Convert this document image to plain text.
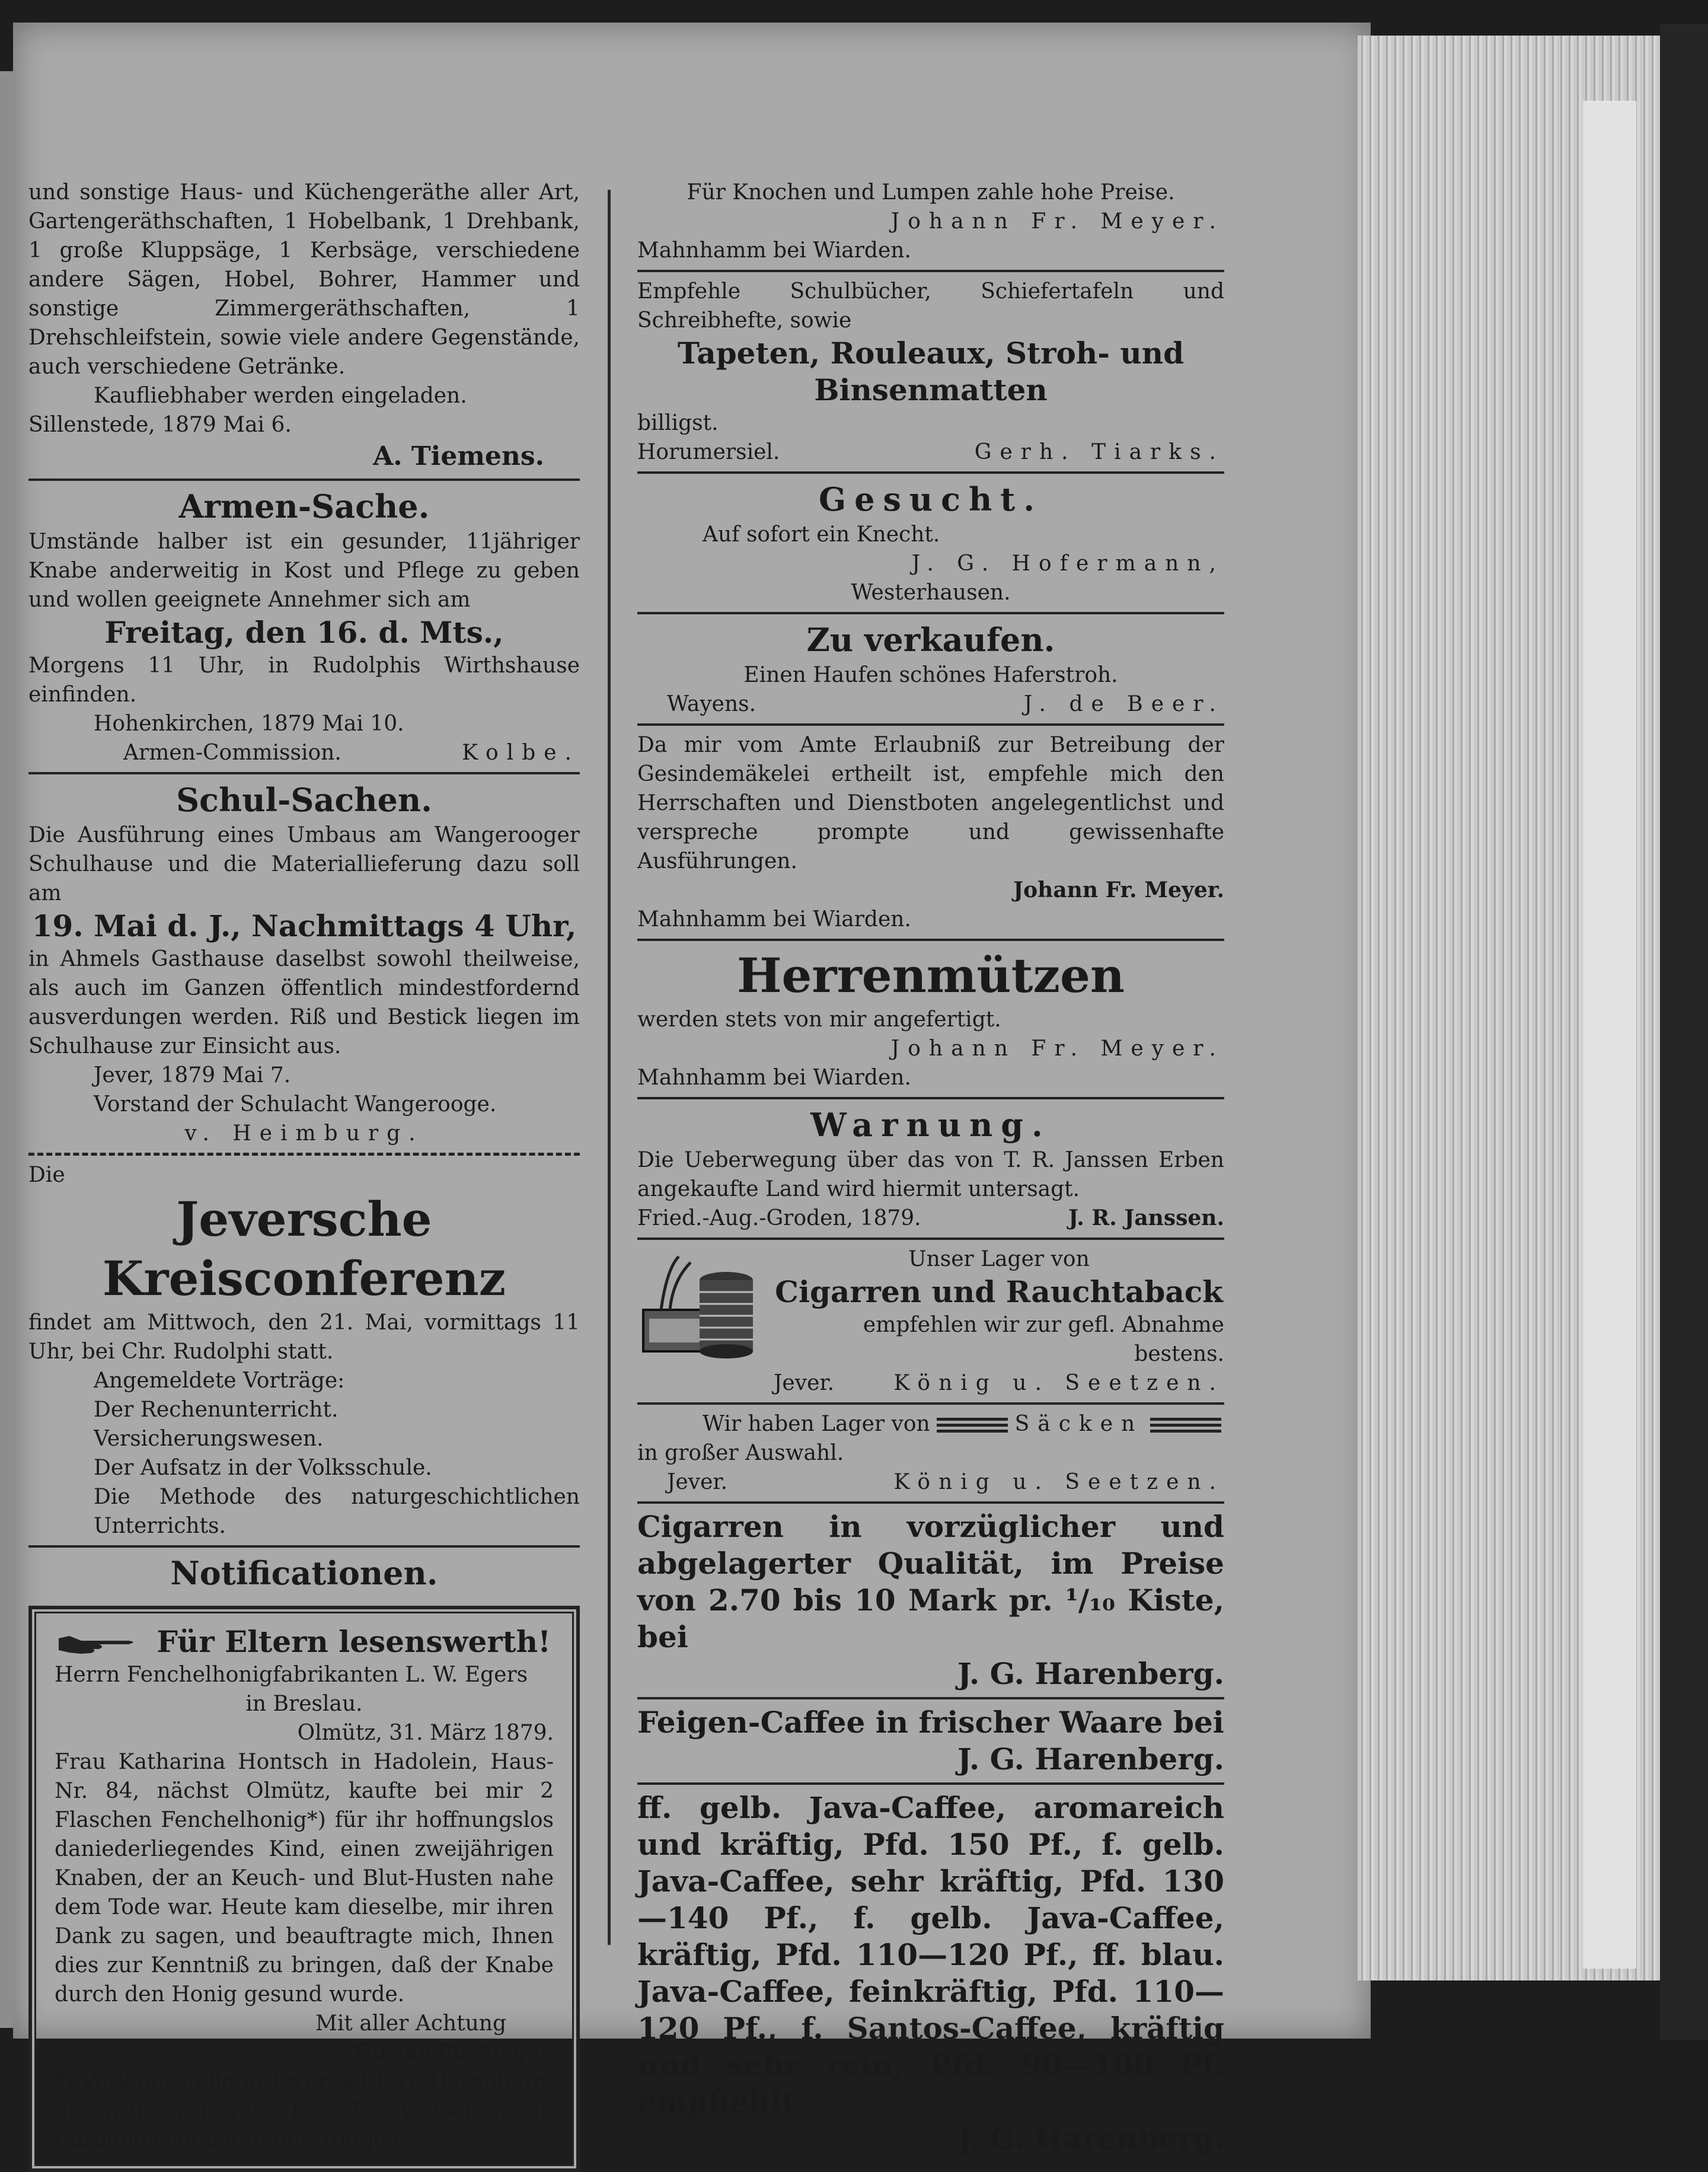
und sonstige Haus- und Küchengeräthe aller Art, Gartengeräthschaften, 1 Hobelbank, 1 Drehbank, 1 große Kluppsäge, 1 Kerbsäge, verschiedene andere Sägen, Hobel, Bohrer, Hammer und sonstige Zimmergeräthschaften, 1 Drehschleifstein, sowie viele andere Gegenstände, auch verschiedene Getränke.

Kaufliebhaber werden eingeladen.

Sillenstede, 1879 Mai 6.

A. Tiemens.

Armen-Sache.

Umstände halber ist ein gesunder, 11jähriger Knabe anderweitig in Kost und Pflege zu geben und wollen geeignete Annehmer sich am

Freitag, den 16. d. Mts.,

Morgens 11 Uhr, in Rudolphis Wirthshause einfinden.

Hohenkirchen, 1879 Mai 10.

Armen-Commission.	Kolbe.

Schul-Sachen.

Die Ausführung eines Umbaus am Wangerooger Schulhause und die Materiallieferung dazu soll am

19. Mai d. J., Nachmittags 4 Uhr,

in Ahmels Gasthause daselbst sowohl theilweise, als auch im Ganzen öffentlich mindestfordernd ausverdungen werden. Riß und Bestick liegen im Schulhause zur Einsicht aus.

Jever, 1879 Mai 7.

Vorstand der Schulacht Wangerooge.

v. Heimburg.

Die

Jeversche Kreisconferenz

findet am Mittwoch, den 21. Mai, vormittags 11 Uhr, bei Chr. Rudolphi statt.

Angemeldete Vorträge:

Der Rechenunterricht.

Versicherungswesen.

Der Aufsatz in der Volksschule.

Die Methode des naturgeschichtlichen Unterrichts.

Notificationen.

Für Eltern lesenswerth!

Herrn Fenchelhonigfabrikanten L. W. Egers

in Breslau.

Olmütz, 31. März 1879.

Frau Katharina Hontsch in Hadolein, Haus-Nr. 84, nächst Olmütz, kaufte bei mir 2 Flaschen Fenchelhonig*) für ihr hoffnungslos daniederliegendes Kind, einen zweijährigen Knaben, der an Keuch- und Blut-Husten nahe dem Tode war. Heute kam dieselbe, mir ihren Dank zu sagen, und beauftragte mich, Ihnen dies zur Kenntniß zu bringen, daß der Knabe durch den Honig gesund wurde.

Mit aller Achtung

Gustav Buchinger.

*) Verkaufsstelle in Jever bei J. G. Harenberg, in Wilhelmshaven bei E. Wetschky, in Carolinensiel bei Reinh. Higgen.

Für Knochen und Lumpen zahle hohe Preise.

Johann Fr. Meyer.

Mahnhamm bei Wiarden.

Empfehle Schulbücher, Schiefertafeln und Schreibhefte, sowie

Tapeten, Rouleaux, Stroh- und Binsenmatten

billigst.

Horumersiel.	Gerh. Tiarks.

Gesucht.

Auf sofort ein Knecht.

J. G. Hofermann,

Westerhausen.

Zu verkaufen.

Einen Haufen schönes Haferstroh.

Wayens.	J. de Beer.

Da mir vom Amte Erlaubniß zur Betreibung der Gesindemäkelei ertheilt ist, empfehle mich den Herrschaften und Dienstboten angelegentlichst und verspreche prompte und gewissenhafte Ausführungen.

Johann Fr. Meyer.

Mahnhamm bei Wiarden.

Herrenmützen

werden stets von mir angefertigt.

Johann Fr. Meyer.

Mahnhamm bei Wiarden.

Warnung.

Die Ueberwegung über das von T. R. Janssen Erben angekaufte Land wird hiermit untersagt.

Fried.-Aug.-Groden, 1879.	J. R. Janssen.

Unser Lager von

Cigarren und Rauchtaback

empfehlen wir zur gefl. Abnahme bestens.

Jever.	König u. Seetzen.

Wir haben Lager von	Säcken

in großer Auswahl.

Jever.	König u. Seetzen.

Cigarren in vorzüglicher und abgelagerter Qualität, im Preise von 2.70 bis 10 Mark pr. ¹/₁₀ Kiste, bei

J. G. Harenberg.

Feigen-Caffee in frischer Waare bei

J. G. Harenberg.

ff. gelb. Java-Caffee, aromareich und kräftig, Pfd. 150 Pf., f. gelb. Java-Caffee, sehr kräftig, Pfd. 130—140 Pf., f. gelb. Java-Caffee, kräftig, Pfd. 110—120 Pf., ff. blau. Java-Caffee, feinkräftig, Pfd. 110—120 Pf., f. Santos-Caffee, kräftig und sehr rein, Pfd. 90—100 Pf. empfiehlt

J. G. Harenberg.
